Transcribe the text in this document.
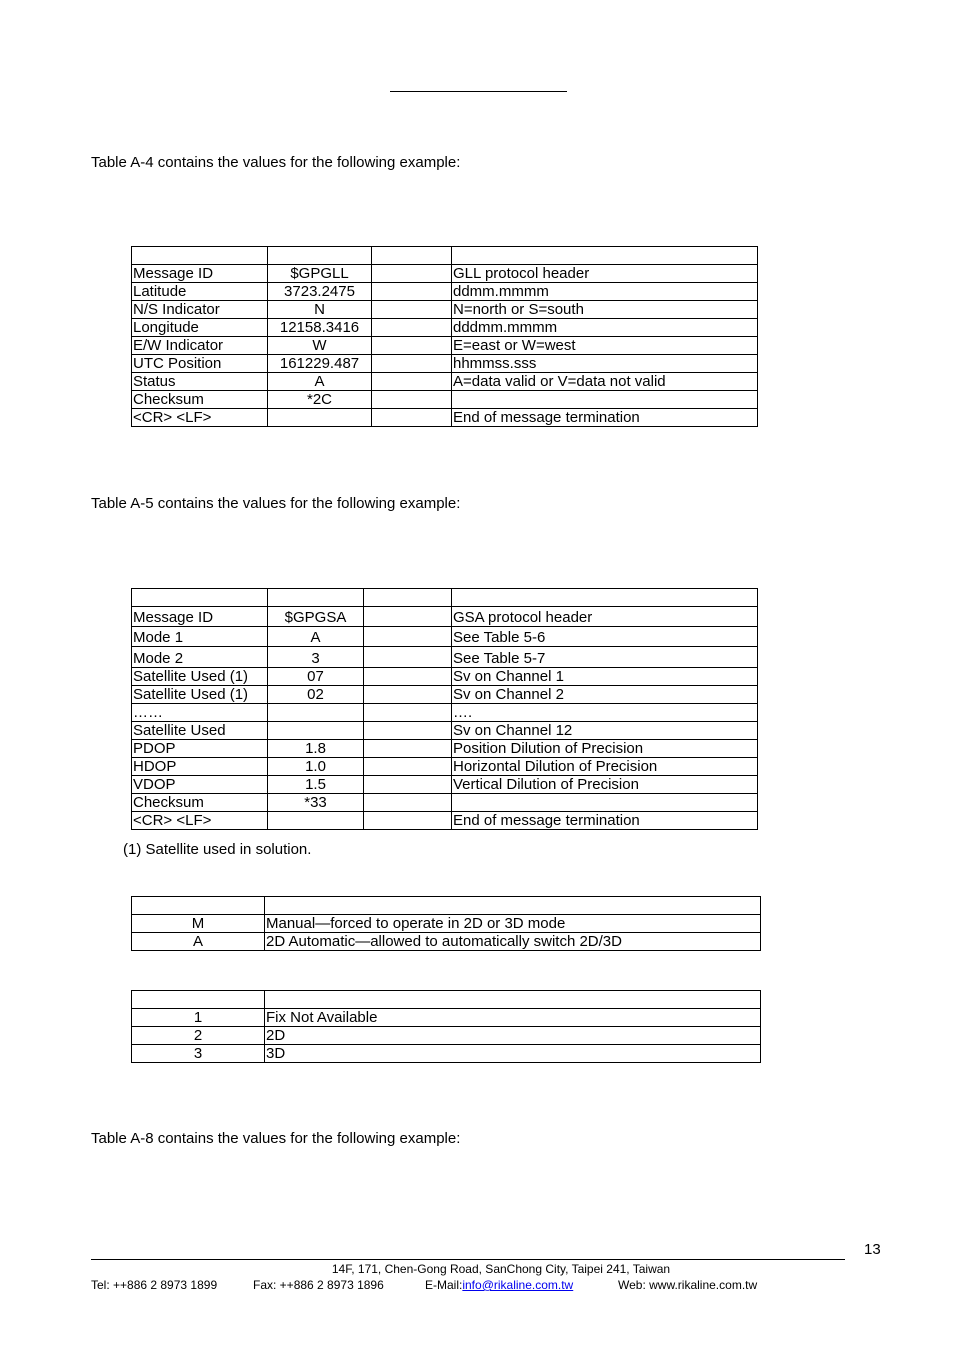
Table A-4 contains the values for the following example:

Message ID	$GPGLL		GLL protocol header
Latitude	3723.2475		ddmm.mmmm
N/S Indicator	N		N=north or S=south
Longitude	12158.3416		dddmm.mmmm
E/W Indicator	W		E=east or W=west
UTC Position	161229.487		hhmmss.sss
Status	A		A=data valid or V=data not valid
Checksum	*2C		
<CR> <LF>			End of message termination
Table A-5 contains the values for the following example:

Message ID	$GPGSA		GSA protocol header
Mode 1	A		See Table 5-6
Mode 2	3		See Table 5-7
Satellite Used (1)	07		Sv on Channel 1
Satellite Used (1)	02		Sv on Channel 2
……			….
Satellite Used			Sv on Channel 12
PDOP	1.8		Position Dilution of Precision
HDOP	1.0		Horizontal Dilution of Precision
VDOP	1.5		Vertical Dilution of Precision
Checksum	*33		
<CR> <LF>			End of message termination
(1) Satellite used in solution.

M	Manual—forced to operate in 2D or 3D mode
A	2D Automatic—allowed to automatically switch 2D/3D

1	Fix Not Available
2	2D
3	3D
Table A-8 contains the values for the following example:
13
14F, 171, Chen-Gong Road, SanChong City, Taipei 241, Taiwan
Tel: ++886 2 8973 1899	Fax: ++886 2 8973 1896	E-Mail:info@rikaline.com.tw	Web: www.rikaline.com.tw
